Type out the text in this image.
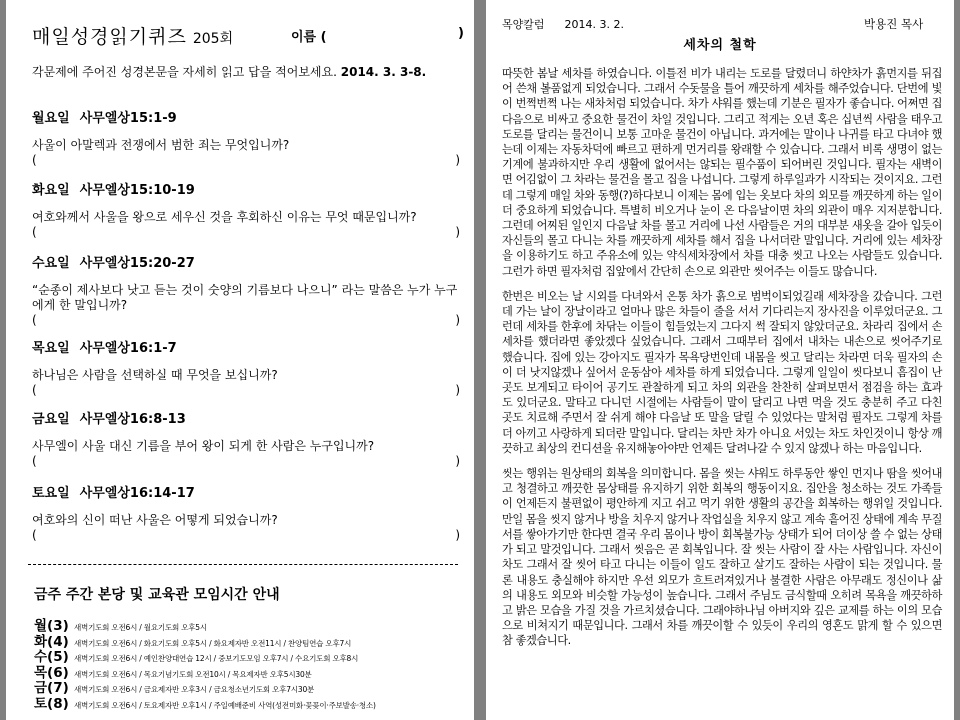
매일성경읽기퀴즈 205회	이름 (	)
각문제에 주어진 성경본문을 자세히 읽고 답을 적어보세요. 2014. 3. 3-8.
월요일 사무엘상15:1-9
사울이 아말렉과 전쟁에서 범한 죄는 무엇입니까?
(	)
화요일 사무엘상15:10-19
여호와께서 사울을 왕으로 세우신 것을 후회하신 이유는 무엇 때문입니까?
(	)
수요일 사무엘상15:20-27
“순종이 제사보다 낫고 듣는 것이 숫양의 기름보다 나으니” 라는 말씀은 누가 누구에게 한 말입니까?
(	)
목요일 사무엘상16:1-7
하나님은 사람을 선택하실 때 무엇을 보십니까?
(	)
금요일 사무엘상16:8-13
사무엘이 사울 대신 기름을 부어 왕이 되게 한 사람은 누구입니까?
(	)
토요일 사무엘상16:14-17
여호와의 신이 떠난 사울은 어떻게 되었습니까?
(	)
금주 주간 본당 및 교육관 모임시간 안내
월(3) 새벽기도회 오전6시 / 월요기도회 오후5시
화(4) 새벽기도회 오전6시 / 화요기도회 오후5시 / 화요제자반 오전11시 / 찬양팀연습 오후7시
수(5) 새벽기도회 오전6시 / 예인찬양대연습 12시 / 중보기도모임 오후7시 / 수요기도회 오후8시
목(6) 새벽기도회 오전6시 / 목요기념기도회 오전10시 / 목요제자반 오후5시30분
금(7) 새벽기도회 오전6시 / 금요제자반 오후3시 / 금요청소년기도회 오후7시30분
토(8) 새벽기도회 오전6시 / 토요제자반 오후1시 / 주일예배준비 사역(성전미화·꽃꽂이·주보발송·청소)
목양칼럼 2014. 3. 2.	박용진 목사
세차의 철학

따뜻한 봄날 세차를 하였습니다. 이틀전 비가 내리는 도로를 달렸더니 하얀차가 흙먼지를 뒤집어 쓴채 볼품없게 되었습니다. 그래서 수돗물을 틀어 깨끗하게 세차를 해주었습니다. 단번에 빛이 번쩍번쩍 나는 새차처럼 되었습니다. 차가 샤워를 했는데 기분은 필자가 좋습니다. 어쩌면 집 다음으로 비싸고 중요한 물건이 차일 것입니다. 그리고 적게는 오년 혹은 십년씩 사람을 태우고 도로를 달리는 물건이니 보통 고마운 물건이 아닙니다. 과거에는 말이나 나귀를 타고 다녀야 했는데 이제는 자동차덕에 빠르고 편하게 먼거리를 왕래할 수 있습니다. 그래서 비록 생명이 없는 기계에 불과하지만 우리 생활에 없어서는 않되는 필수품이 되어버린 것입니다. 필자는 새벽이면 어김없이 그 차라는 물건을 몰고 집을 나섭니다. 그렇게 하루일과가 시작되는 것이지요. 그런데 그렇게 매일 차와 동행(?)하다보니 이제는 몸에 입는 옷보다 차의 외모를 깨끗하게 하는 일이 더 중요하게 되었습니다. 특별히 비오거나 눈이 온 다음날이면 차의 외관이 매우 지저분합니다. 그런데 어찌된 일인지 다음날 차를 몰고 거리에 나선 사람들은 거의 대부분 새옷을 갈아 입듯이 자신들의 몰고 다니는 차를 깨끗하게 세차를 해서 집을 나서더란 말입니다. 거리에 있는 세차장을 이용하기도 하고 주유소에 있는 약식세차장에서 차를 대충 씻고 나오는 사람들도 있습니다. 그런가 하면 필자처럼 집앞에서 간단히 손으로 외관만 씻어주는 이들도 많습니다.

한번은 비오는 날 시외를 다녀와서 온통 차가 흙으로 범벅이되었길래 세차장을 갔습니다. 그런데 가는 날이 장날이라고 얼마나 많은 차들이 줄을 서서 기다리는지 장사진을 이루었더군요. 그런데 세차를 한후에 차닦는 이들이 힘들었는지 그다지 썩 잘되지 않았더군요. 차라리 집에서 손세차를 했더라면 좋았겠다 싶었습니다. 그래서 그때부터 집에서 내차는 내손으로 씻어주기로 했습니다. 집에 있는 강아지도 필자가 목욕당번인데 내몸을 씻고 달리는 차라면 더욱 필자의 손이 더 낫지않겠나 싶어서 운동삼아 세차를 하게 되었습니다. 그렇게 일일이 씻다보니 흠집이 난곳도 보게되고 타이어 공기도 관찰하게 되고 차의 외관을 찬찬히 살펴보면서 점검을 하는 효과도 있더군요. 말타고 다니던 시절에는 사람들이 말이 달리고 나면 먹을 것도 충분히 주고 다친 곳도 치료해 주면서 잘 쉬게 해야 다음날 또 말을 달릴 수 있었다는 말처럼 필자도 그렇게 차를 더 아끼고 사랑하게 되더란 말입니다. 달리는 차만 차가 아니요 서있는 차도 차인것이니 항상 깨끗하고 최상의 컨디션을 유지해놓아야만 언제든 달려나갈 수 있지 않겠나 하는 마음입니다.

씻는 행위는 원상태의 회복을 의미합니다. 몸을 씻는 샤워도 하루동안 쌓인 먼지나 땀을 씻어내고 청결하고 깨끗한 몸상태를 유지하기 위한 회복의 행동이지요. 집안을 청소하는 것도 가족들이 언제든지 불편없이 평안하게 지고 쉬고 먹기 위한 생활의 공간을 회복하는 행위일 것입니다. 만일 몸을 씻지 않거나 방을 치우지 않거나 작업실을 치우지 않고 계속 흩어진 상태에 계속 무질서를 쌓아가기만 한다면 결국 우리 몸이나 방이 회복불가능 상태가 되어 더이상 쓸 수 없는 상태가 되고 말것입니다. 그래서 씻음은 곧 회복입니다. 잘 씻는 사람이 잘 사는 사람입니다. 자신이 차도 그래서 잘 씻어 타고 다니는 이들이 일도 잘하고 살기도 잘하는 사람이 되는 것입니다. 물론 내용도 충실해야 하지만 우선 외모가 흐트러져있거나 불결한 사람은 아무래도 정신이나 삶의 내용도 외모와 비슷할 가능성이 높습니다. 그래서 주님도 금식할때 오히려 목욕을 깨끗하하고 밝은 모습을 가질 것을 가르치셨습니다. 그래야하나님 아버지와 깊은 교제를 하는 이의 모습으로 비쳐지기 때문입니다. 그래서 차를 깨끗이할 수 있듯이 우리의 영혼도 맑게 할 수 있으면 참 좋겠습니다.
